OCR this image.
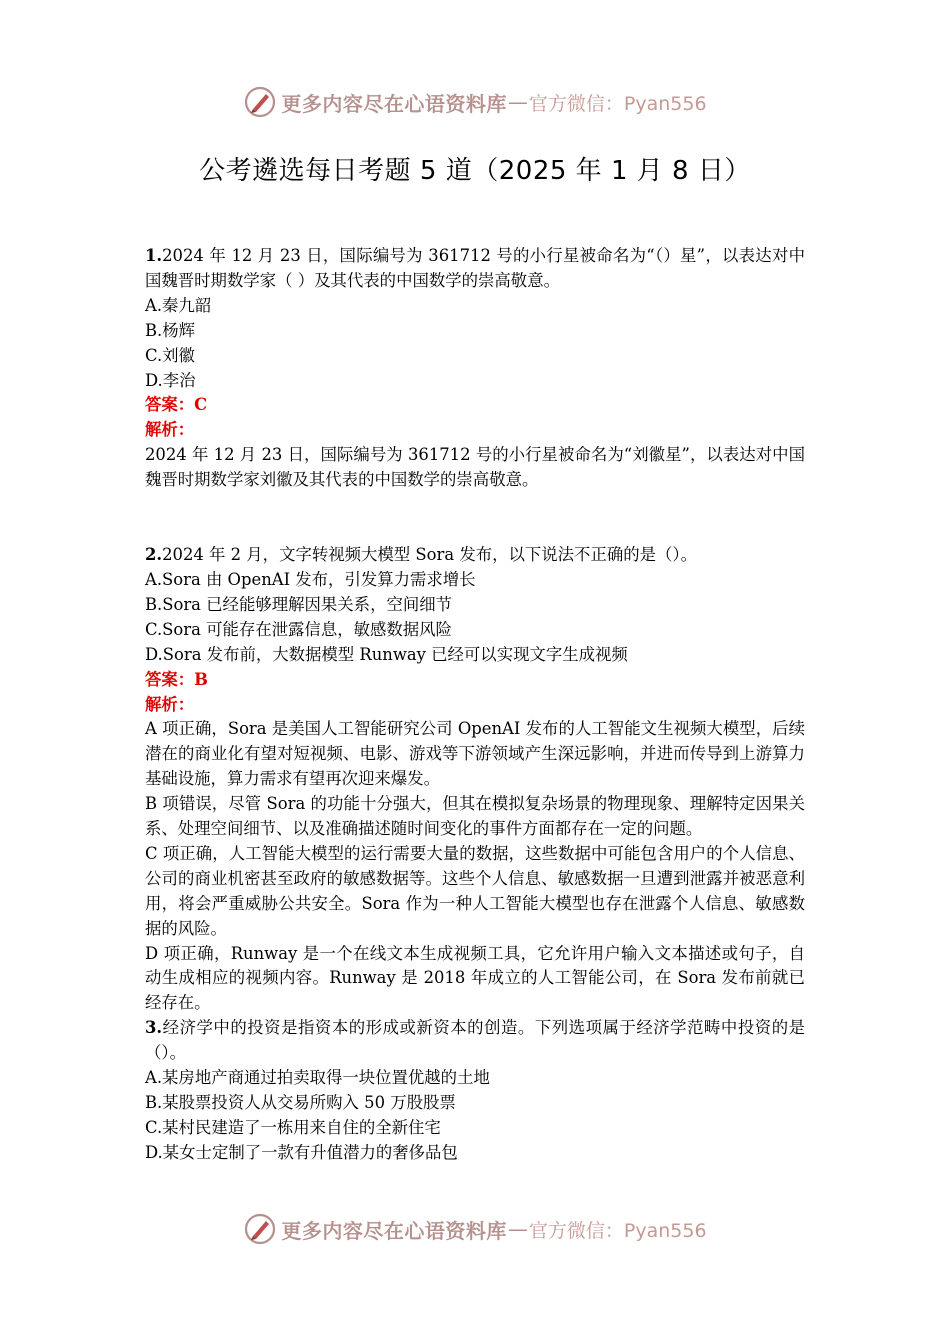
更多内容尽在心语资料库 — 官方微信：Pyan556
公考遴选每日考题 5 道（2025 年 1 月 8 日）

1.2024 年 12 月 23 日，国际编号为 361712 号的小行星被命名为“（）星”，以表达对中国魏晋时期数学家（ ）及其代表的中国数学的崇高敬意。

A.秦九韶

B.杨辉

C.刘徽

D.李治

答案：C

解析：

2024 年 12 月 23 日，国际编号为 361712 号的小行星被命名为“刘徽星”，以表达对中国魏晋时期数学家刘徽及其代表的中国数学的崇高敬意。

2.2024 年 2 月，文字转视频大模型 Sora 发布，以下说法不正确的是（）。

A.Sora 由 OpenAI 发布，引发算力需求增长

B.Sora 已经能够理解因果关系，空间细节

C.Sora 可能存在泄露信息，敏感数据风险

D.Sora 发布前，大数据模型 Runway 已经可以实现文字生成视频

答案：B

解析：

A 项正确，Sora 是美国人工智能研究公司 OpenAI 发布的人工智能文生视频大模型，后续潜在的商业化有望对短视频、电影、游戏等下游领域产生深远影响，并进而传导到上游算力基础设施，算力需求有望再次迎来爆发。

B 项错误，尽管 Sora 的功能十分强大，但其在模拟复杂场景的物理现象、理解特定因果关系、处理空间细节、以及准确描述随时间变化的事件方面都存在一定的问题。

C 项正确，人工智能大模型的运行需要大量的数据，这些数据中可能包含用户的个人信息、公司的商业机密甚至政府的敏感数据等。这些个人信息、敏感数据一旦遭到泄露并被恶意利用，将会严重威胁公共安全。Sora 作为一种人工智能大模型也存在泄露个人信息、敏感数据的风险。

D 项正确，Runway 是一个在线文本生成视频工具，它允许用户输入文本描述或句子，自动生成相应的视频内容。Runway 是 2018 年成立的人工智能公司，在 Sora 发布前就已经存在。

3.经济学中的投资是指资本的形成或新资本的创造。下列选项属于经济学范畴中投资的是（）。

A.某房地产商通过拍卖取得一块位置优越的土地

B.某股票投资人从交易所购入 50 万股股票

C.某村民建造了一栋用来自住的全新住宅

D.某女士定制了一款有升值潜力的奢侈品包

更多内容尽在心语资料库 — 官方微信：Pyan556
